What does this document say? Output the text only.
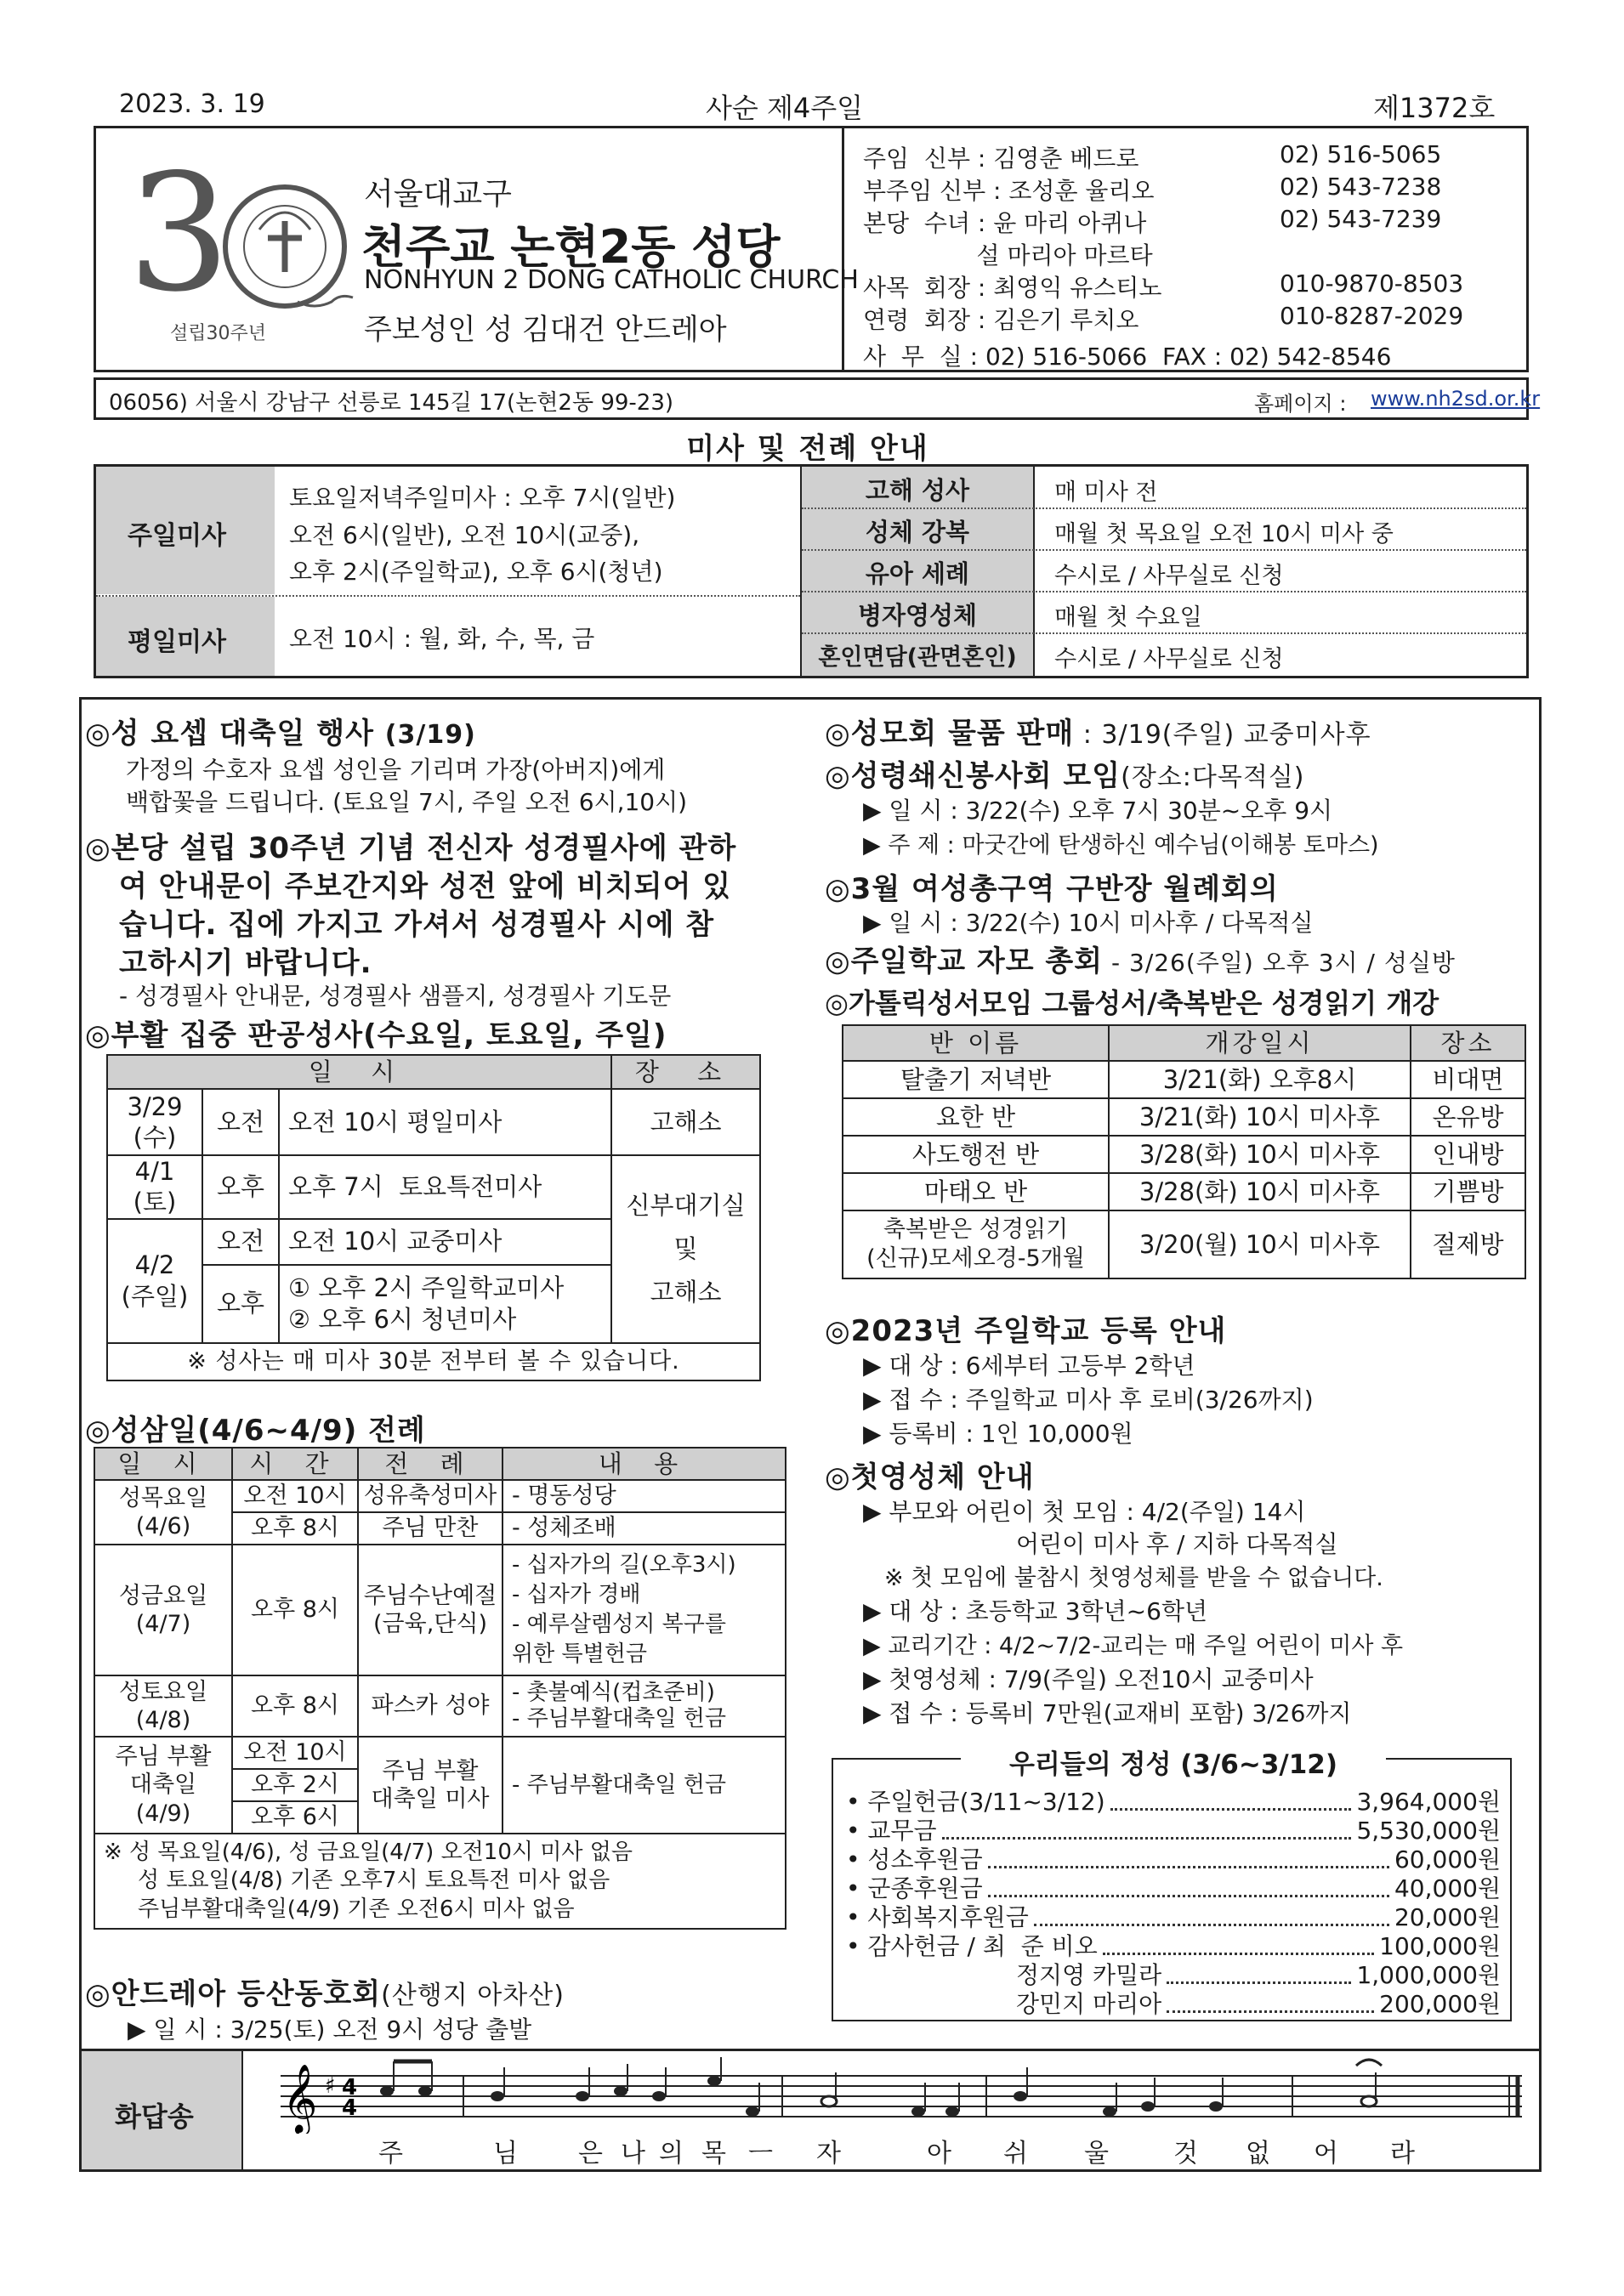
2023. 3. 19	사순 제4주일	제1372호
3
설립30주년
서울대교구
천주교 논현2동 성당
NONHYUN 2 DONG CATHOLIC CHURCH
주보성인 성 김대건 안드레아
주임  신부 : 김영춘 베드로	02) 516-5065
부주임 신부 : 조성훈 율리오	02) 543-7238
본당  수녀 : 윤 마리 아퀴나	02) 543-7239
설 마리아 마르타
사목  회장 : 최영익 유스티노	010-9870-8503
연령  회장 : 김은기 루치오	010-8287-2029
사  무  실 : 02) 516-5066  FAX : 02) 542-8546
06056) 서울시 강남구 선릉로 145길 17(논현2동 99-23)	홈페이지 : www.nh2sd.or.kr
미사 및 전례 안내
주일미사
토요일저녁주일미사 : 오후 7시(일반)
오전 6시(일반), 오전 10시(교중),
오후 2시(주일학교), 오후 6시(청년)
평일미사	오전 10시 : 월, 화, 수, 목, 금
고해 성사	매 미사 전
성체 강복	매월 첫 목요일 오전 10시 미사 중
유아 세례	수시로 / 사무실로 신청
병자영성체	매월 첫 수요일
혼인면담(관면혼인)	수시로 / 사무실로 신청
◎성 요셉 대축일 행사 (3/19)
가정의 수호자 요셉 성인을 기리며 가장(아버지)에게
백합꽃을 드립니다. (토요일 7시, 주일 오전 6시,10시)
◎본당 설립 30주년 기념 전신자 성경필사에 관하
여 안내문이 주보간지와 성전 앞에 비치되어 있
습니다. 집에 가지고 가셔서 성경필사 시에 참
고하시기 바랍니다.
- 성경필사 안내문, 성경필사 샘플지, 성경필사 기도문
◎부활 집중 판공성사(수요일, 토요일, 주일)
일 시			장 소
3/29
(수)	오전	오전 10시 평일미사	고해소
4/1
(토)	오후	오후 7시  토요특전미사	신부대기실
및
고해소
4/2
(주일)	오전	오전 10시 교중미사	
	오후	① 오후 2시 주일학교미사
② 오후 6시 청년미사	

※ 성사는 매 미사 30분 전부터 볼 수 있습니다.			
◎성삼일(4/6~4/9) 전례
일 시	시 간	전 례	내 용
성목요일
(4/6)	오전 10시	성유축성미사	- 명동성당
	오후 8시	주님 만찬	- 성체조배
성금요일
(4/7)	오후 8시	주님수난예절
(금육,단식)	- 십자가의 길(오후3시)
- 십자가 경배
- 예루살렘성지 복구를
위한 특별헌금
성토요일
(4/8)	오후 8시	파스카 성야	- 촛불예식(컵초준비)
- 주님부활대축일 헌금
주님 부활
대축일
(4/9)	오전 10시	주님 부활
대축일 미사	- 주님부활대축일 헌금
	오후 2시		
	오후 6시		

※ 성 목요일(4/6), 성 금요일(4/7) 오전10시 미사 없음
성 토요일(4/8) 기존 오후7시 토요특전 미사 없음
주님부활대축일(4/9) 기존 오전6시 미사 없음			
◎안드레아 등산동호회(산행지 아차산)
▶ 일 시 : 3/25(토) 오전 9시 성당 출발
◎성모회 물품 판매 : 3/19(주일) 교중미사후
◎성령쇄신봉사회 모임(장소:다목적실)
▶ 일 시 : 3/22(수) 오후 7시 30분~오후 9시
▶ 주 제 : 마굿간에 탄생하신 예수님(이해봉 토마스)
◎3월 여성총구역 구반장 월례회의
▶ 일 시 : 3/22(수) 10시 미사후 / 다목적실
◎주일학교 자모 총회 - 3/26(주일) 오후 3시 / 성실방
◎가톨릭성서모임 그룹성서/축복받은 성경읽기 개강
반 이름	개강일시	장소
탈출기 저녁반	3/21(화) 오후8시	비대면
요한 반	3/21(화) 10시 미사후	온유방
사도행전 반	3/28(화) 10시 미사후	인내방
마태오 반	3/28(화) 10시 미사후	기쁨방
축복받은 성경읽기
(신규)모세오경-5개월	3/20(월) 10시 미사후	절제방
◎2023년 주일학교 등록 안내
▶ 대 상 : 6세부터 고등부 2학년
▶ 접 수 : 주일학교 미사 후 로비(3/26까지)
▶ 등록비 : 1인 10,000원
◎첫영성체 안내
▶ 부모와 어린이 첫 모임 : 4/2(주일) 14시
어린이 미사 후 / 지하 다목적실
※ 첫 모임에 불참시 첫영성체를 받을 수 없습니다.
▶ 대 상 : 초등학교 3학년~6학년
▶ 교리기간 : 4/2~7/2-교리는 매 주일 어린이 미사 후
▶ 첫영성체 : 7/9(주일) 오전10시 교중미사
▶ 접 수 : 등록비 7만원(교재비 포함) 3/26까지
우리들의 정성 (3/6~3/12)
• 주일헌금(3/11~3/12)	3,964,000원
• 교무금	5,530,000원
• 성소후원금	60,000원
• 군종후원금	40,000원
• 사회복지후원금	20,000원
• 감사헌금 / 최  준 비오	100,000원
정지영 카밀라	1,000,000원
강민지 마리아	200,000원
화답송 𝄞 ♯ 4
4
주	님 은 나 의 목 ㅡ 자	아 쉬 울	것 없 어 라
